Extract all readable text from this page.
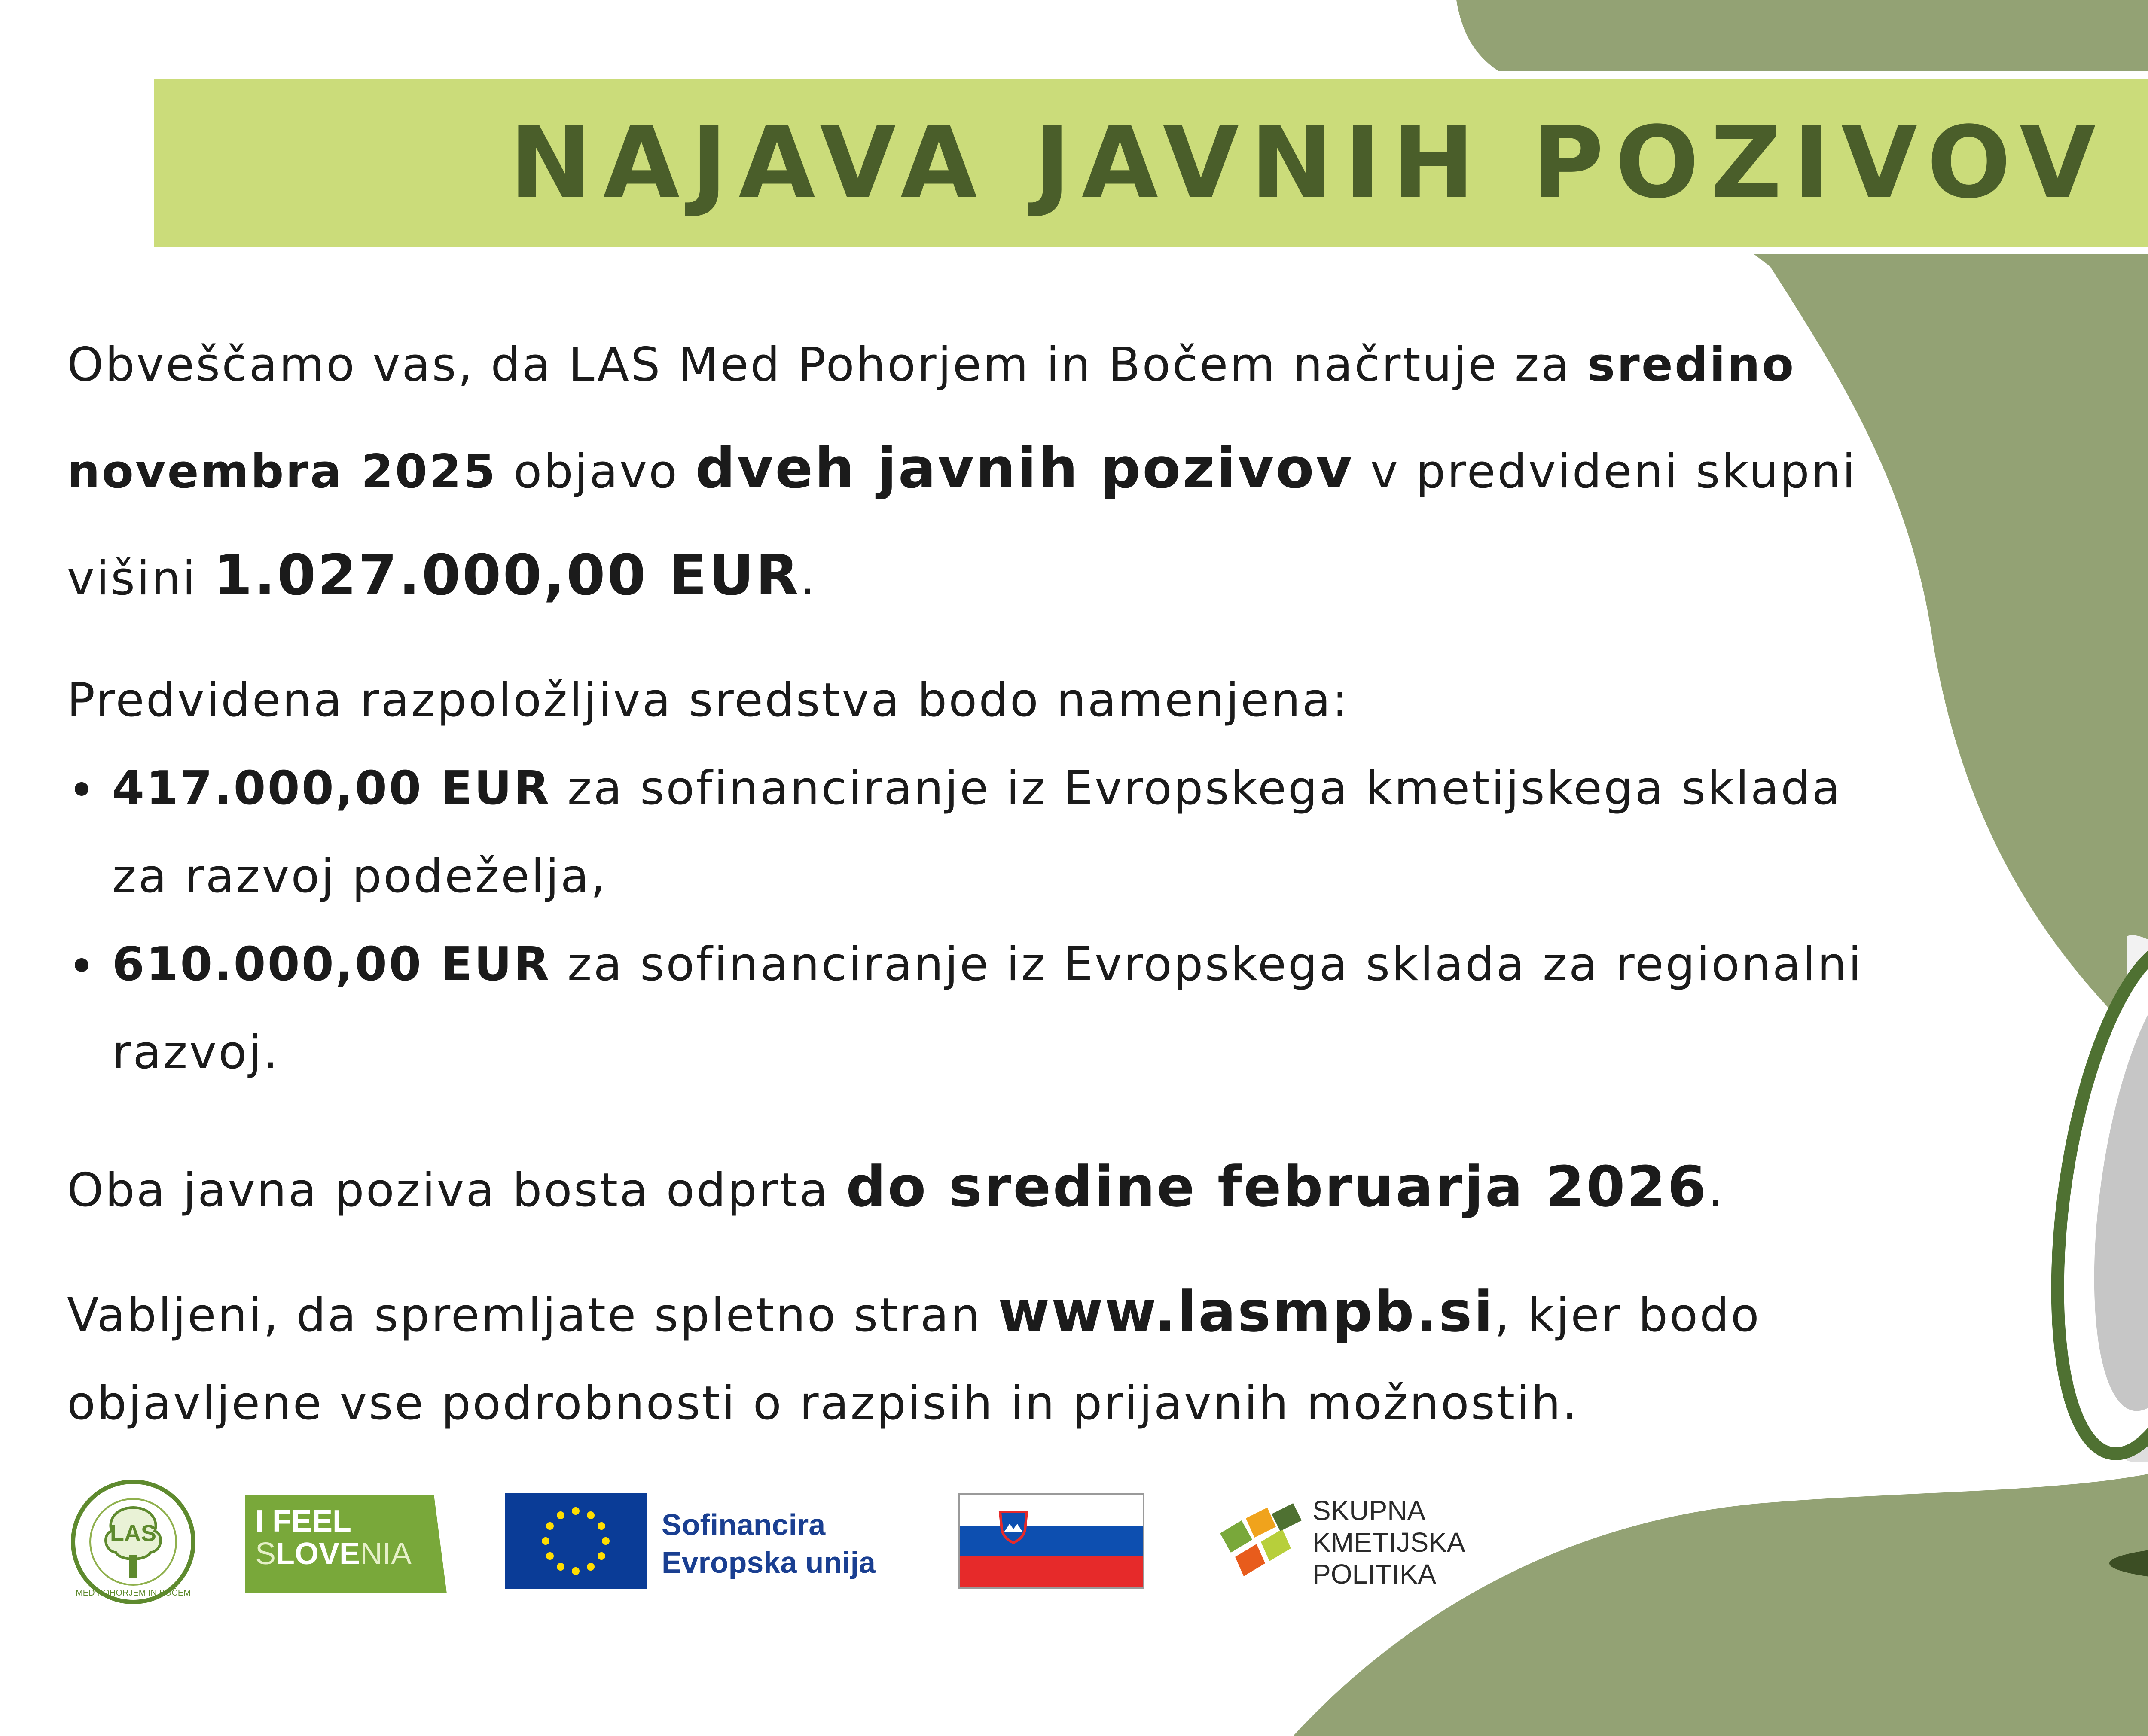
NAJAVA JAVNIH POZIVOV

Obveščamo vas, da LAS Med Pohorjem in Bočem načrtuje za sredino novembra 2025 objavo dveh javnih pozivov v predvideni skupni višini 1.027.000,00 EUR.

Predvidena razpoložljiva sredstva bodo namenjena:

417.000,00 EUR za sofinanciranje iz Evropskega kmetijskega sklada za razvoj podeželja,
610.000,00 EUR za sofinanciranje iz Evropskega sklada za regionalni razvoj.

Oba javna poziva bosta odprta do sredine februarja 2026.

Vabljeni, da spremljate spletno stran www.lasmpb.si, kjer bodo objavljene vse podrobnosti o razpisih in prijavnih možnostih.

LAS
MED POHORJEM IN BOČEM
I FEEL
SLOVENIA
Sofinancira
Evropska unija
SKUPNA
KMETIJSKA
POLITIKA
